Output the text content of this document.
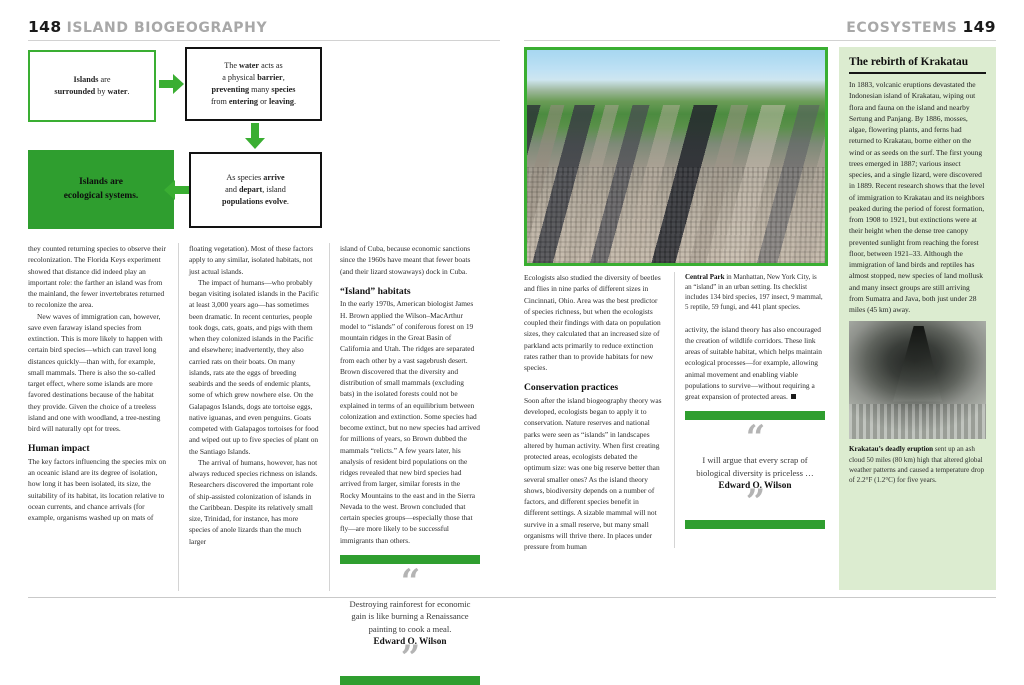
148 ISLAND BIOGEOGRAPHY
Islands are
surrounded by water.
The water acts as
a physical barrier,
preventing many species
from entering or leaving.
As species arrive
and depart, island
populations evolve.
Islands are
ecological systems.

they counted returning species to observe their recolonization. The Florida Keys experiment showed that distance did indeed play an important role: the farther an island was from the mainland, the fewer invertebrates returned to recolonize the area.

New waves of immigration can, however, save even faraway island species from extinction. This is more likely to happen with certain bird species—which can travel long distances quickly—than with, for example, small mammals. There is also the so-called target effect, where some islands are more favored destinations because of the habitat they provide. Given the choice of a treeless island and one with woodland, a tree-nesting bird will naturally opt for trees.

Human impact

The key factors influencing the species mix on an oceanic island are its degree of isolation, how long it has been isolated, its size, the suitability of its habitat, its location relative to ocean currents, and chance arrivals (for example, organisms washed up on mats of

floating vegetation). Most of these factors apply to any similar, isolated habitats, not just actual islands.

The impact of humans—who probably began visiting isolated islands in the Pacific at least 3,000 years ago—has sometimes been dramatic. In recent centuries, people took dogs, cats, goats, and pigs with them when they colonized islands in the Pacific and elsewhere; inadvertently, they also carried rats on their boats. On many islands, rats ate the eggs of breeding seabirds and the seeds of endemic plants, some of which grew nowhere else. On the Galapagos Islands, dogs ate tortoise eggs, native iguanas, and even penguins. Goats competed with Galapagos tortoises for food and wiped out up to five species of plant on the Santiago Islands.

The arrival of humans, however, has not always reduced species richness on islands. Researchers discovered the important role of ship-assisted colonization of islands in the Caribbean. Despite its relatively small size, Trinidad, for instance, has more species of anole lizards than the much larger

island of Cuba, because economic sanctions since the 1960s have meant that fewer boats (and their lizard stowaways) dock in Cuba.

“Island” habitats

In the early 1970s, American biologist James H. Brown applied the Wilson–MacArthur model to “islands” of coniferous forest on 19 mountain ridges in the Great Basin of California and Utah. The ridges are separated from each other by a vast sagebrush desert. Brown discovered that the diversity and distribution of small mammals (excluding bats) in the isolated forests could not be explained in terms of an equilibrium between colonization and extinction. Some species had become extinct, but no new species had arrived for millions of years, so Brown dubbed the mammals “relicts.” A few years later, his analysis of resident bird populations on the ridges revealed that new bird species had arrived from larger, similar forests in the Rocky Mountains to the east and in the Sierra Nevada to the west. Brown concluded that certain species groups—especially those that fly—are more likely to be successful immigrants than others.

“
Destroying rainforest for economic gain is like burning a Renaissance painting to cook a meal.
Edward O. Wilson
”
ECOSYSTEMS 149

Ecologists also studied the diversity of beetles and flies in nine parks of different sizes in Cincinnati, Ohio. Area was the best predictor of species richness, but when the ecologists coupled their findings with data on population sizes, they calculated that an increased size of parkland acts primarily to reduce extinction rates rather than to provide habitats for new species.

Conservation practices

Soon after the island biogeography theory was developed, ecologists began to apply it to conservation. Nature reserves and national parks were seen as “islands” in landscapes altered by human activity. When first creating protected areas, ecologists debated the optimum size: was one big reserve better than several smaller ones? As the island theory shows, biodiversity depends on a number of factors, and different species benefit in different settings. A sizable mammal will not survive in a small reserve, but many small organisms will thrive there. In places under pressure from human

Central Park in Manhattan, New York City, is an “island” in an urban setting. Its checklist includes 134 bird species, 197 insect, 9 mammal, 5 reptile, 59 fungi, and 441 plant species.

activity, the island theory has also encouraged the creation of wildlife corridors. These link areas of suitable habitat, which helps maintain ecological processes—for example, allowing animal movement and enabling viable populations to survive—without requiring a great expansion of protected areas.

“
I will argue that every scrap of biological diversity is priceless …
Edward O. Wilson
”
The rebirth of Krakatau

In 1883, volcanic eruptions devastated the Indonesian island of Krakatau, wiping out flora and fauna on the island and nearby Sertung and Panjang. By 1886, mosses, algae, flowering plants, and ferns had returned to Krakatau, borne either on the wind or as seeds on the surf. The first young trees emerged in 1887; various insect species, and a single lizard, were discovered in 1889. Recent research shows that the level of immigration to Krakatau and its neighbors peaked during the period of forest formation, from 1908 to 1921, but extinctions were at their height when the dense tree canopy prevented sunlight from reaching the forest floor, between 1921–33. Although the immigration of land birds and reptiles has almost stopped, new species of land mollusk and many insect groups are still arriving from Sumatra and Java, both just under 28 miles (45 km) away.

Krakatau’s deadly eruption sent up an ash cloud 50 miles (80 km) high that altered global weather patterns and caused a temperature drop of 2.2°F (1.2°C) for five years.
